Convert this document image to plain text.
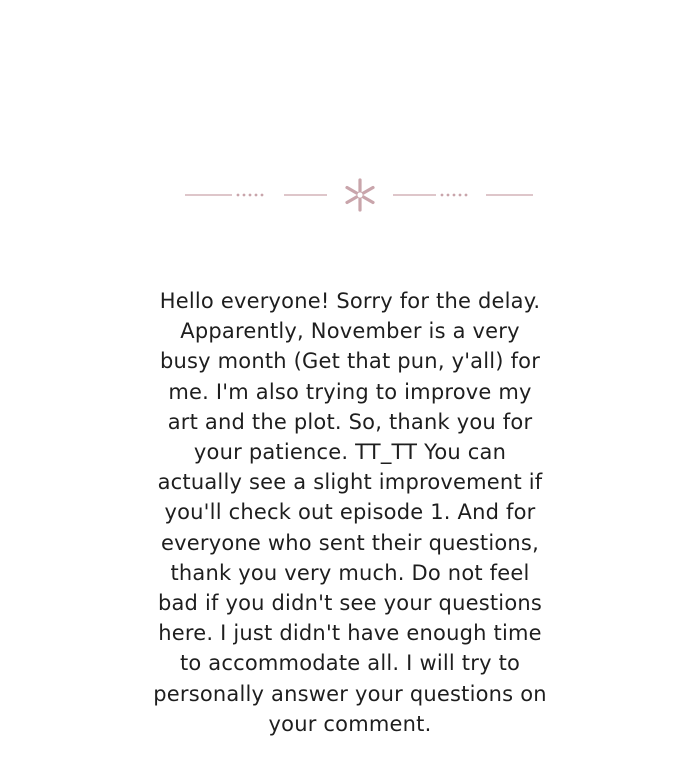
Hello everyone! Sorry for the delay.
Apparently, November is a very
busy month (Get that pun, y'all) for
me. I'm also trying to improve my
art and the plot. So, thank you for
your patience. TT_TT You can
actually see a slight improvement if
you'll check out episode 1. And for
everyone who sent their questions,
thank you very much. Do not feel
bad if you didn't see your questions
here. I just didn't have enough time
to accommodate all. I will try to
personally answer your questions on
your comment.
